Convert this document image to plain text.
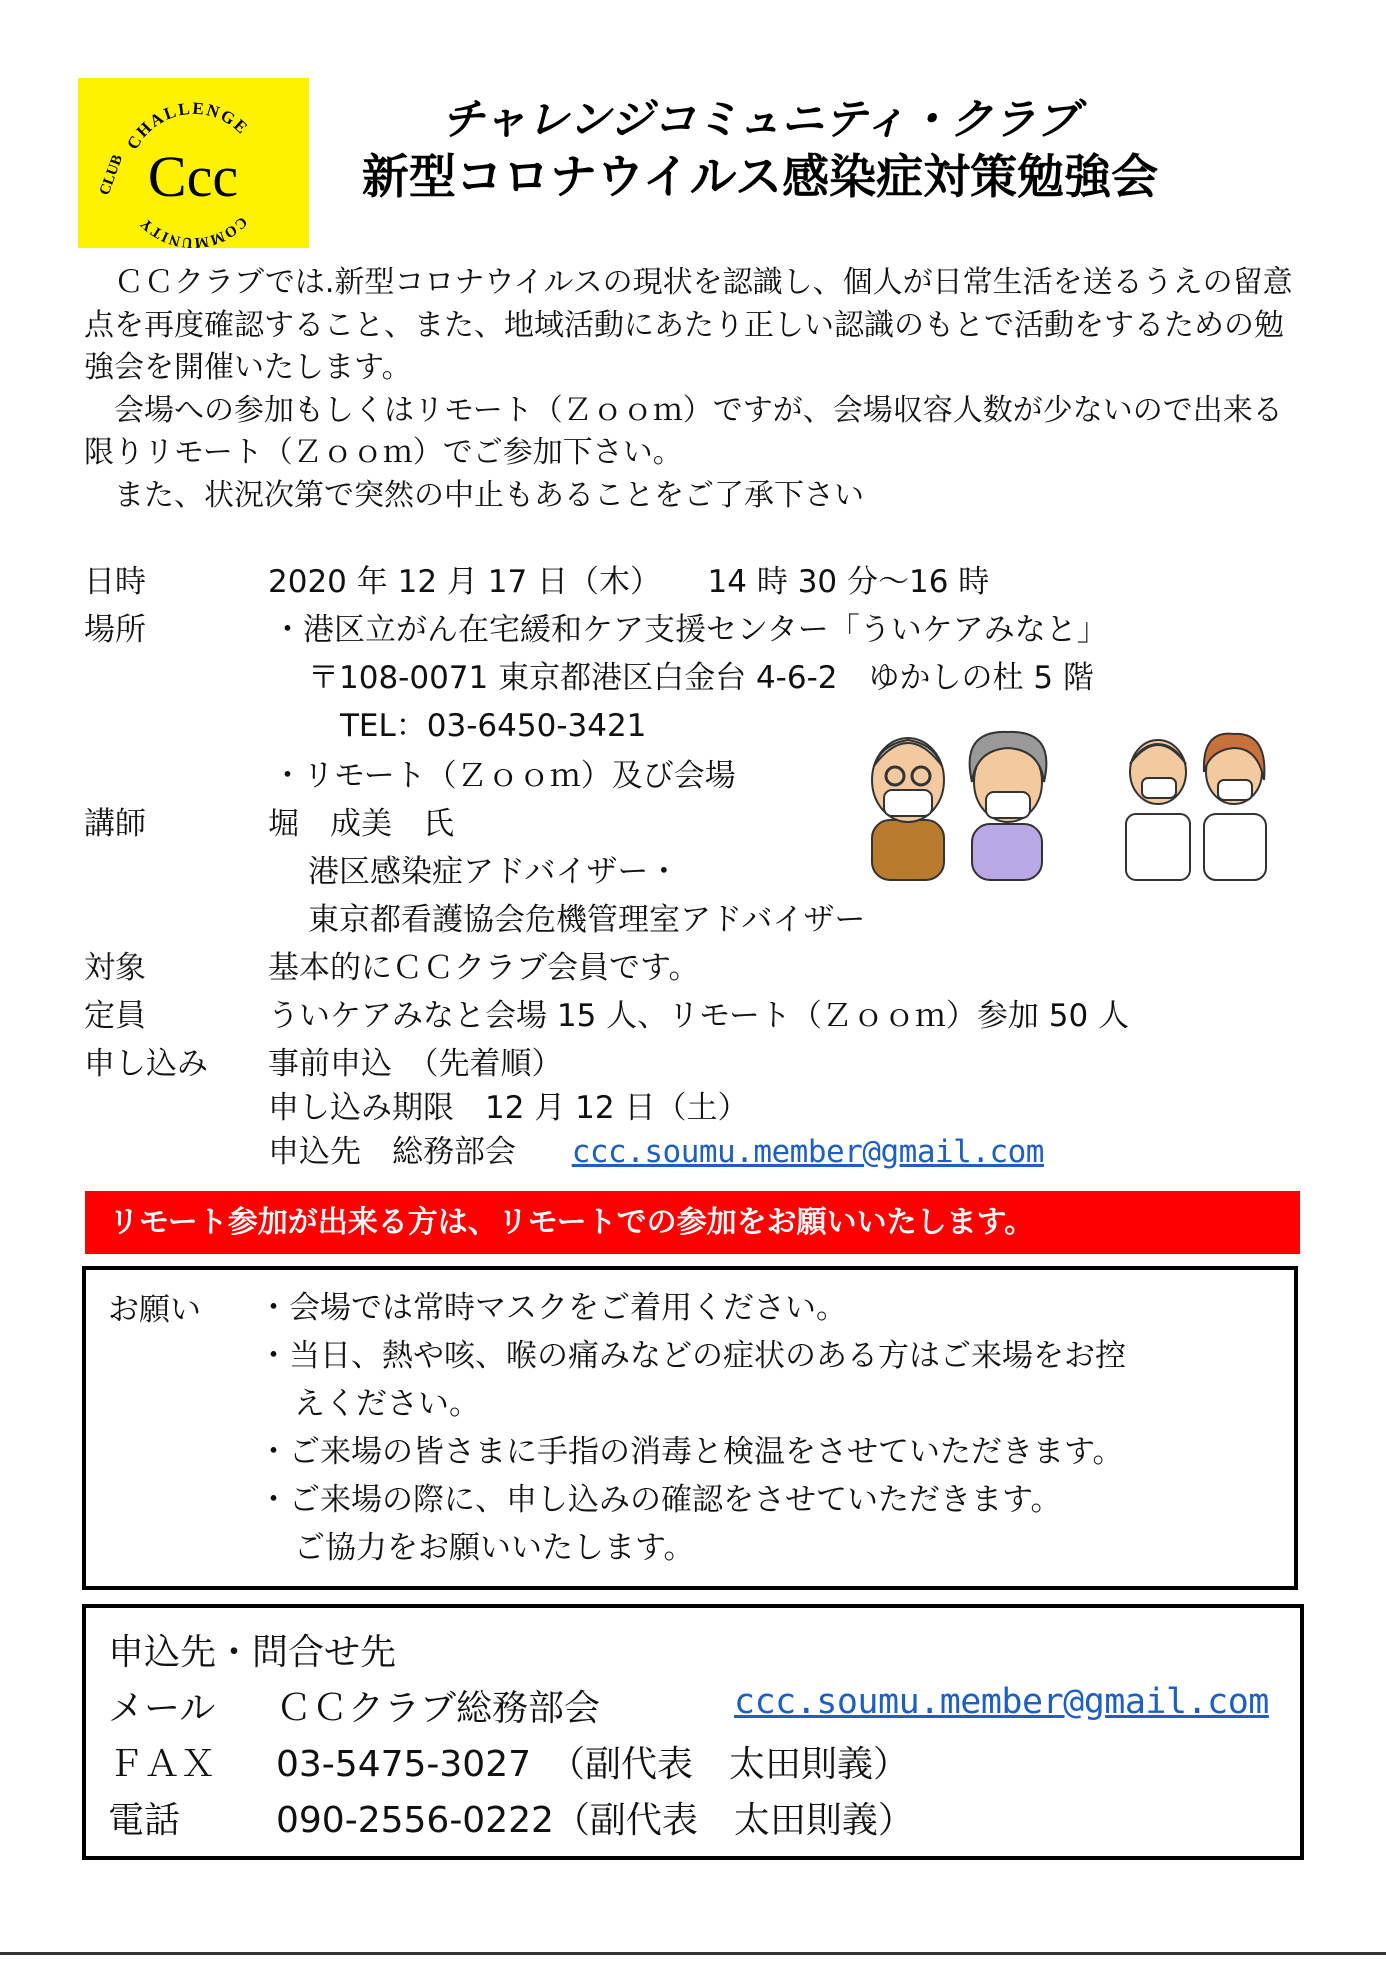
CHALLENGE
COMMUNITY
CLUB Ccc
チャレンジコミュニティ・クラブ
新型コロナウイルス感染症対策勉強会

ＣＣクラブでは.新型コロナウイルスの現状を認識し、個人が日常生活を送るうえの留意点を再度確認すること、また、地域活動にあたり正しい認識のもとで活動をするための勉強会を開催いたします。

会場への参加もしくはリモート（Ｚｏｏｍ）ですが、会場収容人数が少ないので出来る限りリモート（Ｚｏｏｍ）でご参加下さい。

また、状況次第で突然の中止もあることをご了承下さい

日時	2020 年 12 月 17 日（木）　　14 時 30 分～16 時
場所	・港区立がん在宅緩和ケア支援センター「ういケアみなと」
〒108-0071 東京都港区白金台 4-6-2　ゆかしの杜 5 階
TEL：03-6450-3421
・リモート（Ｚｏｏｍ）及び会場
講師	堀　成美　氏
港区感染症アドバイザー・
東京都看護協会危機管理室アドバイザー
対象	基本的にＣＣクラブ会員です。
定員	ういケアみなと会場 15 人、リモート（Ｚｏｏｍ）参加 50 人
申し込み 事前申込　（先着順）
申し込み期限　12 月 12 日（土）
申込先　総務部会 ccc.soumu.member@gmail.com
リモート参加が出来る方は、リモートでの参加をお願いいたします。
お願い ・会場では常時マスクをご着用ください。
・当日、熱や咳、喉の痛みなどの症状のある方はご来場をお控
えください。
・ご来場の皆さまに手指の消毒と検温をさせていただきます。
・ご来場の際に、申し込みの確認をさせていただきます。
ご協力をお願いいたします。
申込先・問合せ先
メール ＣＣクラブ総務部会	ccc.soumu.member@gmail.com
ＦＡＸ 03-5475-3027　（副代表　太田則義）
電話	090-2556-0222（副代表　太田則義）
